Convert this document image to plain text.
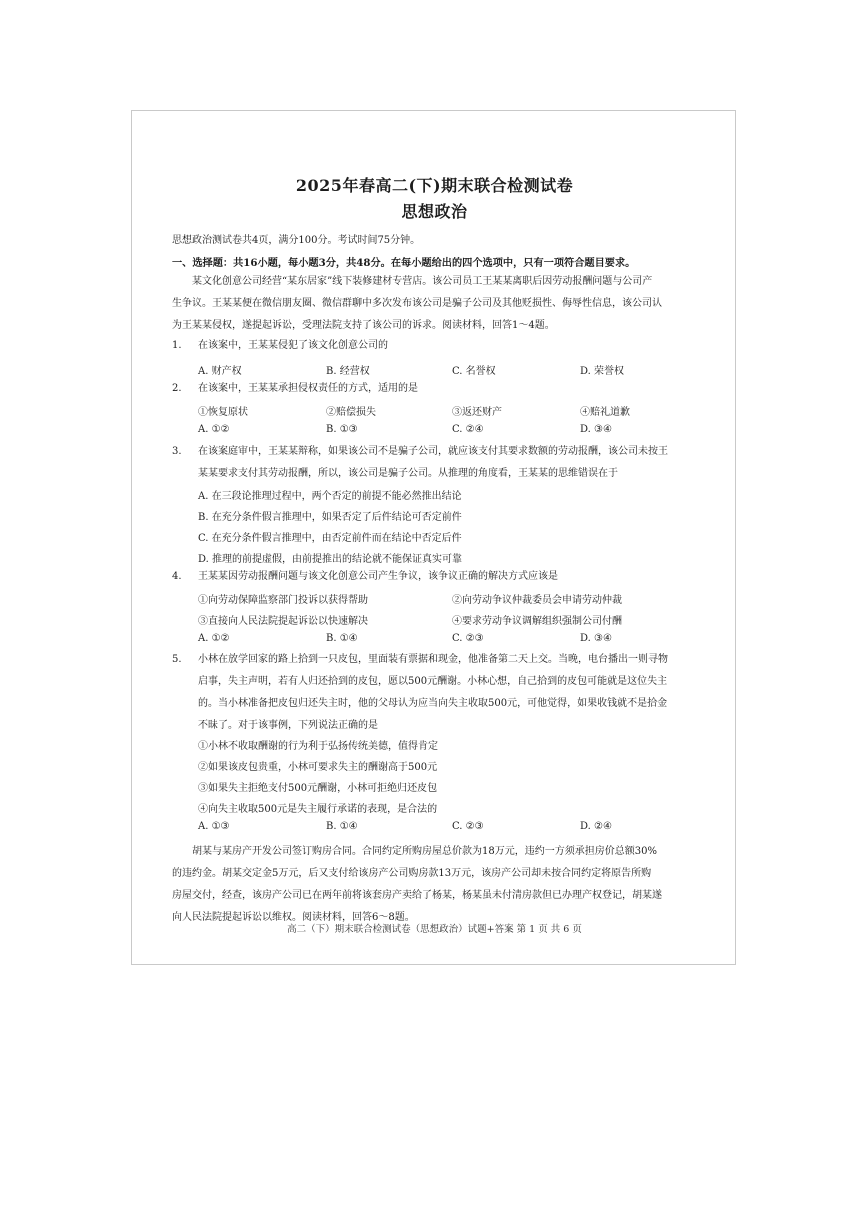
2025年春高二(下)期末联合检测试卷
思想政治
思想政治测试卷共4页，满分100分。考试时间75分钟。
一、选择题：共16小题，每小题3分，共48分。在每小题给出的四个选项中，只有一项符合题目要求。
某文化创意公司经营“某东居家”线下装修建材专营店。该公司员工王某某离职后因劳动报酬问题与公司产
生争议。王某某便在微信朋友圈、微信群聊中多次发布该公司是骗子公司及其他贬损性、侮辱性信息，该公司认
为王某某侵权，遂提起诉讼，受理法院支持了该公司的诉求。阅读材料，回答1～4题。
1. 在该案中，王某某侵犯了该文化创意公司的
A. 财产权	B. 经营权	C. 名誉权	D. 荣誉权
2. 在该案中，王某某承担侵权责任的方式，适用的是
①恢复原状	②赔偿损失	③返还财产	④赔礼道歉
A. ①②	B. ①③	C. ②④	D. ③④
3. 在该案庭审中，王某某辩称，如果该公司不是骗子公司，就应该支付其要求数额的劳动报酬，该公司未按王
某某要求支付其劳动报酬，所以，该公司是骗子公司。从推理的角度看，王某某的思维错误在于
A. 在三段论推理过程中，两个否定的前提不能必然推出结论
B. 在充分条件假言推理中，如果否定了后件结论可否定前件
C. 在充分条件假言推理中，由否定前件而在结论中否定后件
D. 推理的前提虚假，由前提推出的结论就不能保证真实可靠
4. 王某某因劳动报酬问题与该文化创意公司产生争议，该争议正确的解决方式应该是
①向劳动保障监察部门投诉以获得帮助	②向劳动争议仲裁委员会申请劳动仲裁
③直接向人民法院提起诉讼以快速解决	④要求劳动争议调解组织强制公司付酬
A. ①②	B. ①④	C. ②③	D. ③④
5. 小林在放学回家的路上拾到一只皮包，里面装有票据和现金，他准备第二天上交。当晚，电台播出一则寻物
启事，失主声明，若有人归还拾到的皮包，愿以500元酬谢。小林心想，自己拾到的皮包可能就是这位失主
的。当小林准备把皮包归还失主时，他的父母认为应当向失主收取500元，可他觉得，如果收钱就不是拾金
不昧了。对于该事例，下列说法正确的是
①小林不收取酬谢的行为利于弘扬传统美德，值得肯定
②如果该皮包贵重，小林可要求失主的酬谢高于500元
③如果失主拒绝支付500元酬谢，小林可拒绝归还皮包
④向失主收取500元是失主履行承诺的表现，是合法的
A. ①③	B. ①④	C. ②③	D. ②④
胡某与某房产开发公司签订购房合同。合同约定所购房屋总价款为18万元，违约一方须承担房价总额30%
的违约金。胡某交定金5万元，后又支付给该房产公司购房款13万元，该房产公司却未按合同约定将原告所购
房屋交付，经查，该房产公司已在两年前将该套房产卖给了杨某，杨某虽未付清房款但已办理产权登记，胡某遂
向人民法院提起诉讼以维权。阅读材料，回答6～8题。
高二（下）期末联合检测试卷（思想政治）试题+答案 第 1 页 共 6 页
